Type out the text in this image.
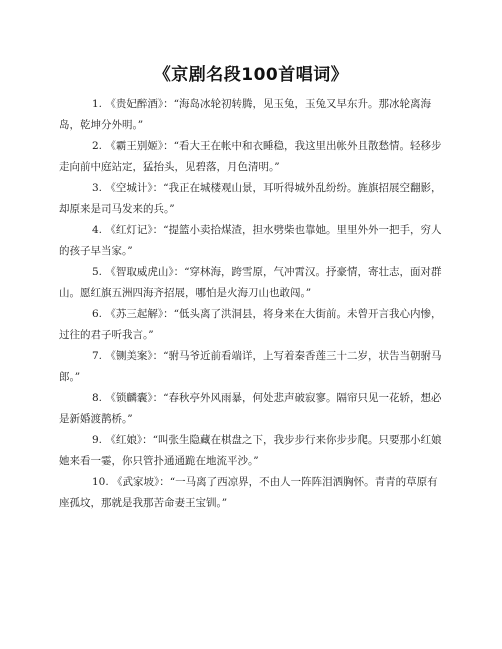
《京剧名段100首唱词》

1. 《贵妃醉酒》：“海岛冰轮初转腾，见玉兔，玉兔又早东升。那冰轮离海岛，乾坤分外明。”

2. 《霸王别姬》：“看大王在帐中和衣睡稳，我这里出帐外且散愁情。轻移步走向前中庭站定，猛抬头，见碧落，月色清明。”

3. 《空城计》：“我正在城楼观山景，耳听得城外乱纷纷。旌旗招展空翻影，却原来是司马发来的兵。”

4. 《红灯记》：“提篮小卖拾煤渣，担水劈柴也靠她。里里外外一把手，穷人的孩子早当家。”

5. 《智取威虎山》：“穿林海，跨雪原，气冲霄汉。抒豪情，寄壮志，面对群山。愿红旗五洲四海齐招展，哪怕是火海刀山也敢闯。”

6. 《苏三起解》：“低头离了洪洞县，将身来在大街前。未曾开言我心内惨，过往的君子听我言。”

7. 《铡美案》：“驸马爷近前看端详，上写着秦香莲三十二岁，状告当朝驸马郎。”

8. 《锁麟囊》：“春秋亭外风雨暴，何处悲声破寂寥。隔帘只见一花轿，想必是新婚渡鹊桥。”

9. 《红娘》：“叫张生隐藏在棋盘之下，我步步行来你步步爬。只要那小红娘她来看一霎，你只管扑通通跪在地流平沙。”

10. 《武家坡》：“一马离了西凉界，不由人一阵阵泪洒胸怀。青青的草原有座孤坟，那就是我那苦命妻王宝钏。”
